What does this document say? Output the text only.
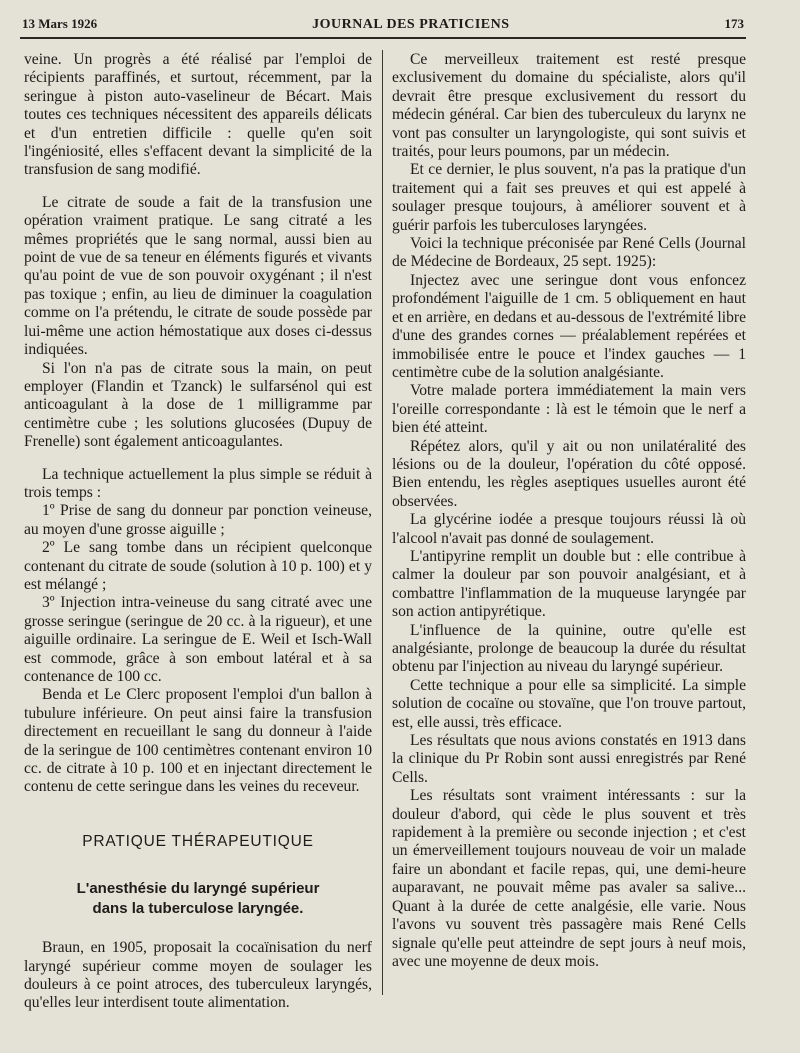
13 Mars 1926	JOURNAL DES PRATICIENS	173

veine. Un progrès a été réalisé par l'emploi de récipients paraffinés, et surtout, récemment, par la seringue à piston auto-vaselineur de Bécart. Mais toutes ces techniques nécessitent des appareils délicats et d'un entretien difficile : quelle qu'en soit l'ingéniosité, elles s'effacent devant la simplicité de la transfusion de sang modifié.

Le citrate de soude a fait de la transfusion une opération vraiment pratique. Le sang citraté a les mêmes propriétés que le sang normal, aussi bien au point de vue de sa teneur en éléments figurés et vivants qu'au point de vue de son pouvoir oxygénant ; il n'est pas toxique ; enfin, au lieu de diminuer la coagulation comme on l'a prétendu, le citrate de soude possède par lui-même une action hémostatique aux doses ci-dessus indiquées.

Si l'on n'a pas de citrate sous la main, on peut employer (Flandin et Tzanck) le sulfarsénol qui est anticoagulant à la dose de 1 milligramme par centimètre cube ; les solutions glucosées (Dupuy de Frenelle) sont également anticoagulantes.

La technique actuellement la plus simple se réduit à trois temps :

1º Prise de sang du donneur par ponction veineuse, au moyen d'une grosse aiguille ;

2º Le sang tombe dans un récipient quelconque contenant du citrate de soude (solution à 10 p. 100) et y est mélangé ;

3º Injection intra-veineuse du sang citraté avec une grosse seringue (seringue de 20 cc. à la rigueur), et une aiguille ordinaire. La seringue de E. Weil et Isch-Wall est commode, grâce à son embout latéral et à sa contenance de 100 cc.

Benda et Le Clerc proposent l'emploi d'un ballon à tubulure inférieure. On peut ainsi faire la transfusion directement en recueillant le sang du donneur à l'aide de la seringue de 100 centimètres contenant environ 10 cc. de citrate à 10 p. 100 et en injectant directement le contenu de cette seringue dans les veines du receveur.

PRATIQUE THÉRAPEUTIQUE
L'anesthésie du laryngé supérieur
dans la tuberculose laryngée.

Braun, en 1905, proposait la cocaïnisation du nerf laryngé supérieur comme moyen de soulager les douleurs à ce point atroces, des tuberculeux laryngés, qu'elles leur interdisent toute alimentation.

Ce merveilleux traitement est resté presque exclusivement du domaine du spécialiste, alors qu'il devrait être presque exclusivement du ressort du médecin général. Car bien des tuberculeux du larynx ne vont pas consulter un laryngologiste, qui sont suivis et traités, pour leurs poumons, par un médecin.

Et ce dernier, le plus souvent, n'a pas la pratique d'un traitement qui a fait ses preuves et qui est appelé à soulager presque toujours, à améliorer souvent et à guérir parfois les tuberculoses laryngées.

Voici la technique préconisée par René Cells (Journal de Médecine de Bordeaux, 25 sept. 1925):

Injectez avec une seringue dont vous enfoncez profondément l'aiguille de 1 cm. 5 obliquement en haut et en arrière, en dedans et au-dessous de l'extrémité libre d'une des grandes cornes — préalablement repérées et immobilisée entre le pouce et l'index gauches — 1 centimètre cube de la solution analgésiante.

Votre malade portera immédiatement la main vers l'oreille correspondante : là est le témoin que le nerf a bien été atteint.

Répétez alors, qu'il y ait ou non unilatéralité des lésions ou de la douleur, l'opération du côté opposé. Bien entendu, les règles aseptiques usuelles auront été observées.

La glycérine iodée a presque toujours réussi là où l'alcool n'avait pas donné de soulagement.

L'antipyrine remplit un double but : elle contribue à calmer la douleur par son pouvoir analgésiant, et à combattre l'inflammation de la muqueuse laryngée par son action antipyrétique.

L'influence de la quinine, outre qu'elle est analgésiante, prolonge de beaucoup la durée du résultat obtenu par l'injection au niveau du laryngé supérieur.

Cette technique a pour elle sa simplicité. La simple solution de cocaïne ou stovaïne, que l'on trouve partout, est, elle aussi, très efficace.

Les résultats que nous avions constatés en 1913 dans la clinique du Pr Robin sont aussi enregistrés par René Cells.

Les résultats sont vraiment intéressants : sur la douleur d'abord, qui cède le plus souvent et très rapidement à la première ou seconde injection ; et c'est un émerveillement toujours nouveau de voir un malade faire un abondant et facile repas, qui, une demi-heure auparavant, ne pouvait même pas avaler sa salive... Quant à la durée de cette analgésie, elle varie. Nous l'avons vu souvent très passagère mais René Cells signale qu'elle peut atteindre de sept jours à neuf mois, avec une moyenne de deux mois.
